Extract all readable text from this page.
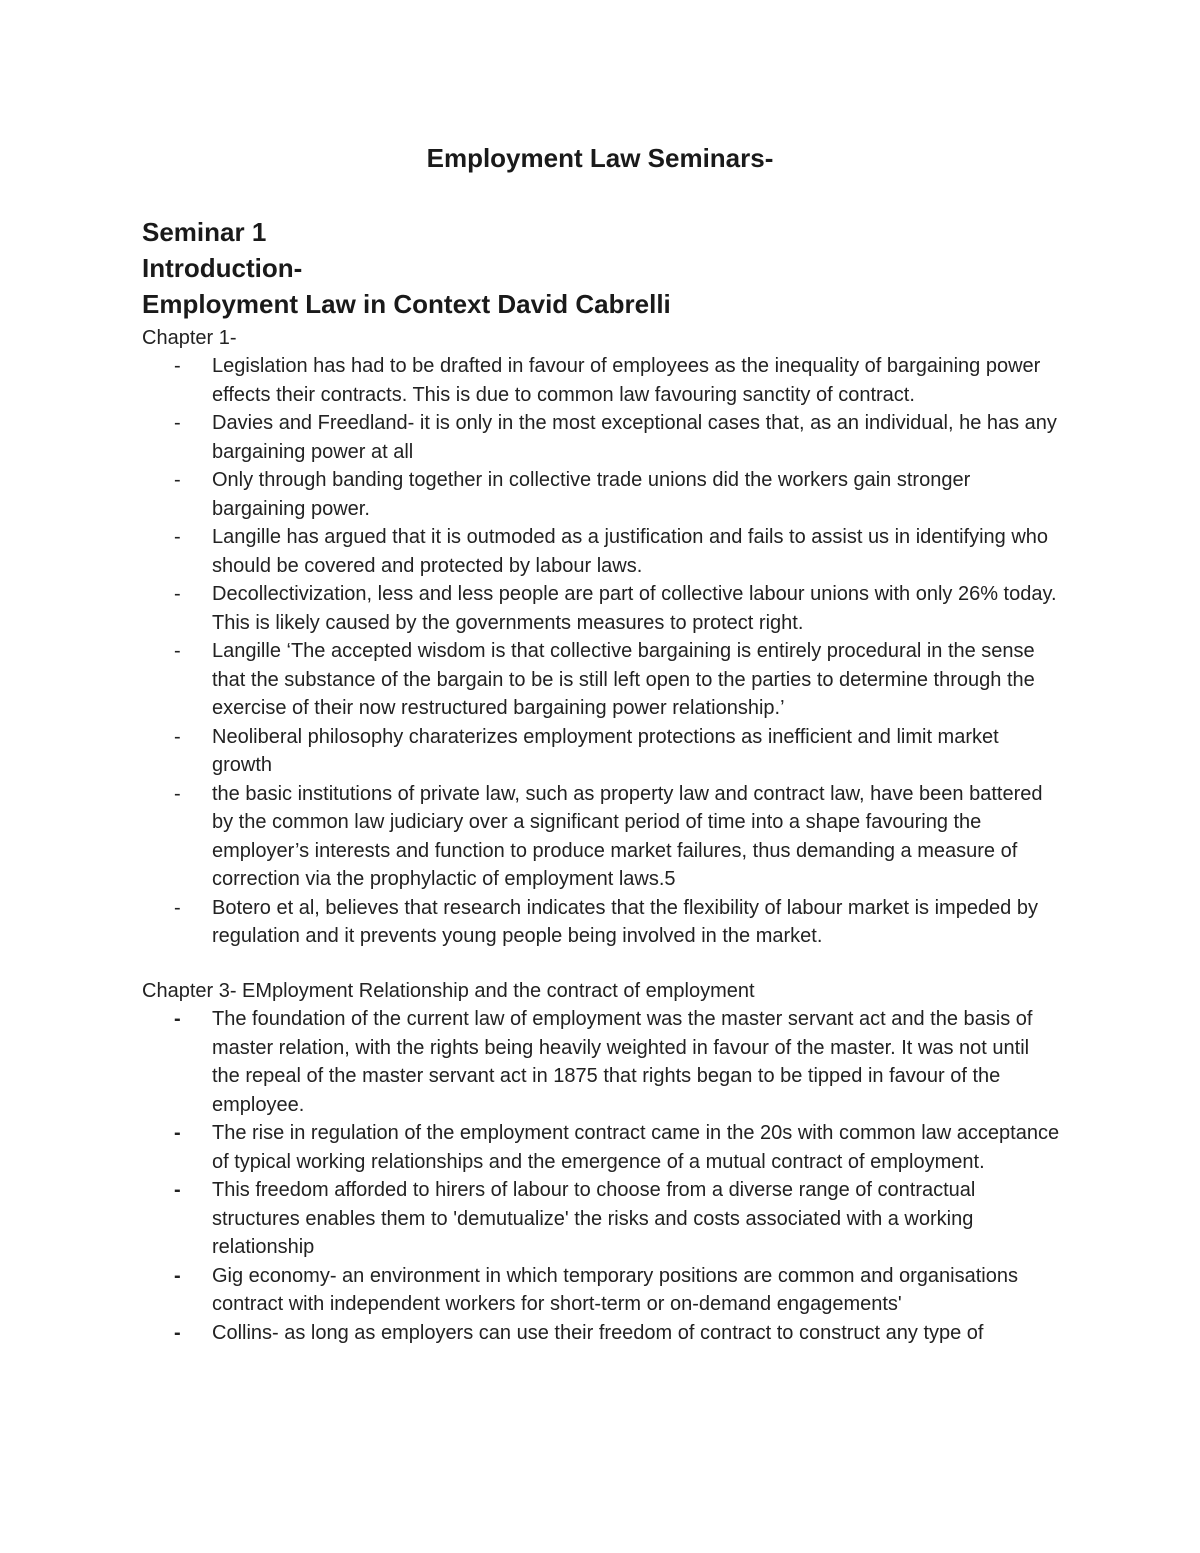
Employment Law Seminars-
Seminar 1
Introduction-
Employment Law in Context David Cabrelli
Chapter 1-
- Legislation has had to be drafted in favour of employees as the inequality of bargaining power effects their contracts. This is due to common law favouring sanctity of contract.
- Davies and Freedland- it is only in the most exceptional cases that, as an individual, he has any bargaining power at all
- Only through banding together in collective trade unions did the workers gain stronger bargaining power.
- Langille has argued that it is outmoded as a justification and fails to assist us in identifying who should be covered and protected by labour laws.
- Decollectivization, less and less people are part of collective labour unions with only 26% today. This is likely caused by the governments measures to protect right.
- Langille ‘The accepted wisdom is that collective bargaining is entirely procedural in the sense that the substance of the bargain to be is still left open to the parties to determine through the exercise of their now restructured bargaining power relationship.’
- Neoliberal philosophy charaterizes employment protections as inefficient and limit market growth
- the basic institutions of private law, such as property law and contract law, have been battered by the common law judiciary over a significant period of time into a shape favouring the employer’s interests and function to produce market failures, thus demanding a measure of correction via the prophylactic of employment laws.5
- Botero et al, believes that research indicates that the flexibility of labour market is impeded by regulation and it prevents young people being involved in the market.
Chapter 3- EMployment Relationship and the contract of employment
- The foundation of the current law of employment was the master servant act and the basis of master relation, with the rights being heavily weighted in favour of the master. It was not until the repeal of the master servant act in 1875 that rights began to be tipped in favour of the employee.
- The rise in regulation of the employment contract came in the 20s with common law acceptance of typical working relationships and the emergence of a mutual contract of employment.
- This freedom afforded to hirers of labour to choose from a diverse range of contractual structures enables them to 'demutualize' the risks and costs associated with a working relationship
- Gig economy- an environment in which temporary positions are common and organisations contract with independent workers for short-term or on-demand engagements'
- Collins- as long as employers can use their freedom of contract to construct any type of
